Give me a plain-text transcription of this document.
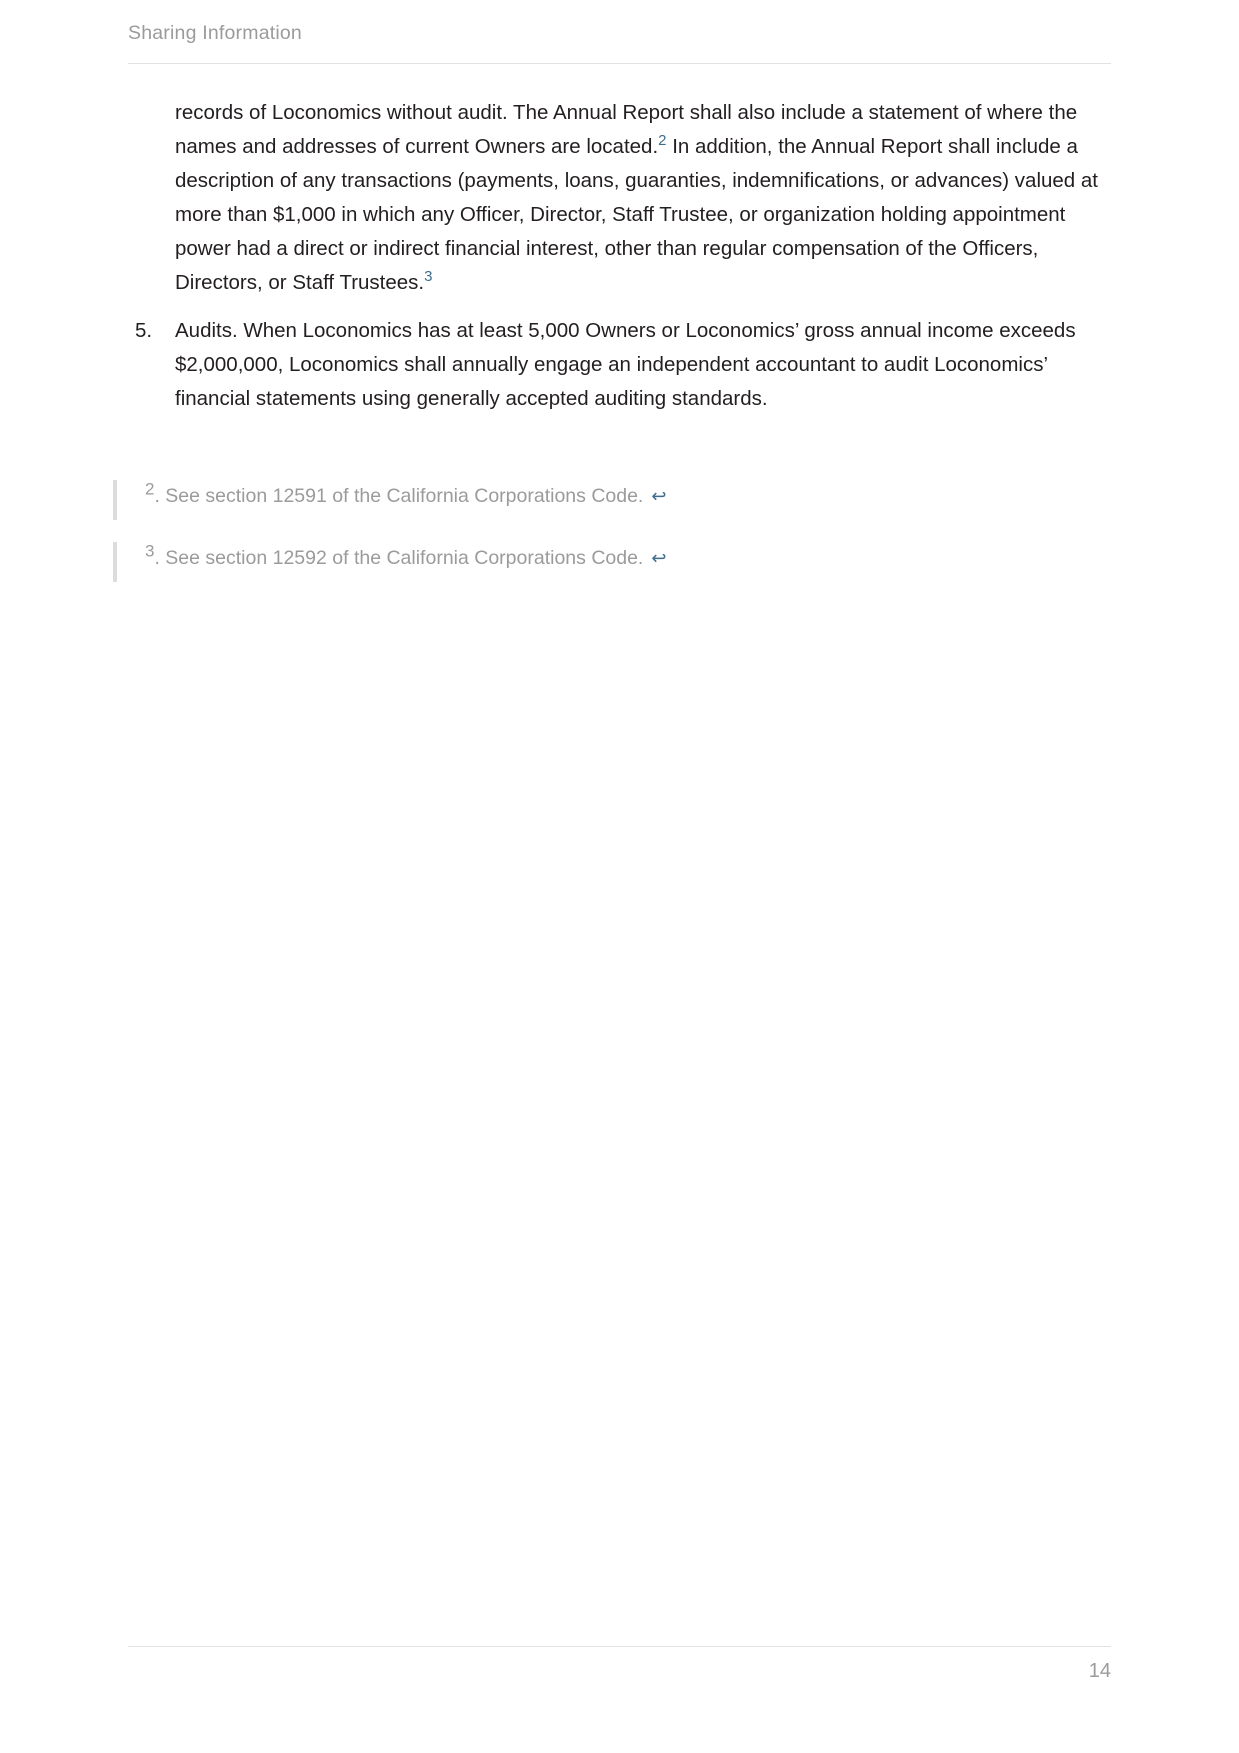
Sharing Information

records of Loconomics without audit. The Annual Report shall also include a statement of where the names and addresses of current Owners are located.$^2$ In addition, the Annual Report shall include a description of any transactions (payments, loans, guaranties, indemnifications, or advances) valued at more than $1,000 in which any Officer, Director, Staff Trustee, or organization holding appointment power had a direct or indirect financial interest, other than regular compensation of the Officers, Directors, or Staff Trustees.$^3$

5.	Audits. When Loconomics has at least 5,000 Owners or Loconomics’ gross annual income exceeds $2,000,000, Loconomics shall annually engage an independent accountant to audit Loconomics’ financial statements using generally accepted auditing standards.
2. See section 12591 of the California Corporations Code. ↩
3. See section 12592 of the California Corporations Code. ↩
14
